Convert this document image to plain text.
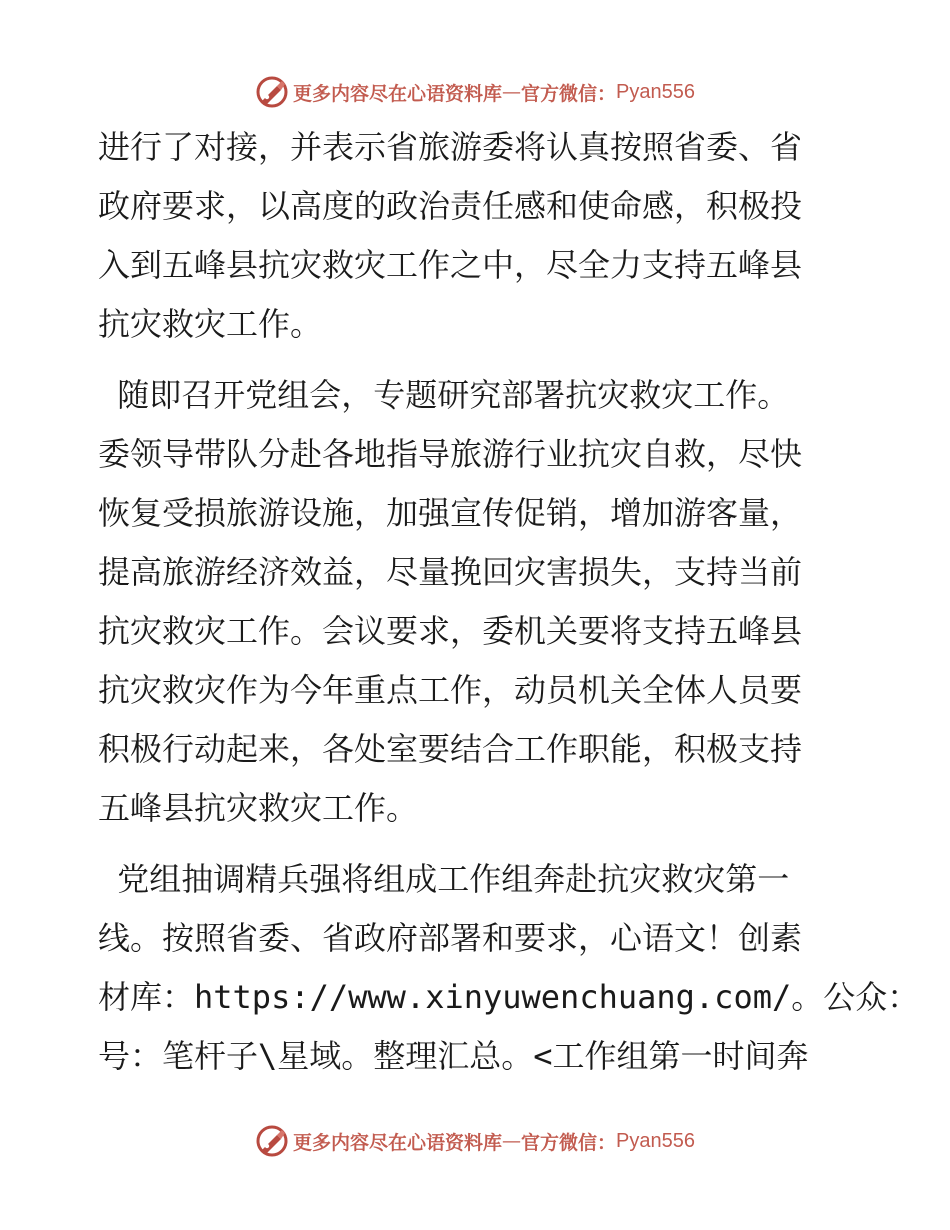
更多内容尽在心语资料库 — 官方微信： Pyan556
进行了对接，并表示省旅游委将认真按照省委、省
政府要求，以高度的政治责任感和使命感，积极投
入到五峰县抗灾救灾工作之中，尽全力支持五峰县
抗灾救灾工作。
随即召开党组会，专题研究部署抗灾救灾工作。
委领导带队分赴各地指导旅游行业抗灾自救，尽快
恢复受损旅游设施，加强宣传促销，增加游客量，
提高旅游经济效益，尽量挽回灾害损失，支持当前
抗灾救灾工作。会议要求，委机关要将支持五峰县
抗灾救灾作为今年重点工作，动员机关全体人员要
积极行动起来，各处室要结合工作职能，积极支持
五峰县抗灾救灾工作。
党组抽调精兵强将组成工作组奔赴抗灾救灾第一
线。按照省委、省政府部署和要求，心语文！创素
材库：https://www.xinyuwenchuang.com/。公众：
号：笔杆子\星域。整理汇总。<工作组第一时间奔
更多内容尽在心语资料库 — 官方微信： Pyan556
